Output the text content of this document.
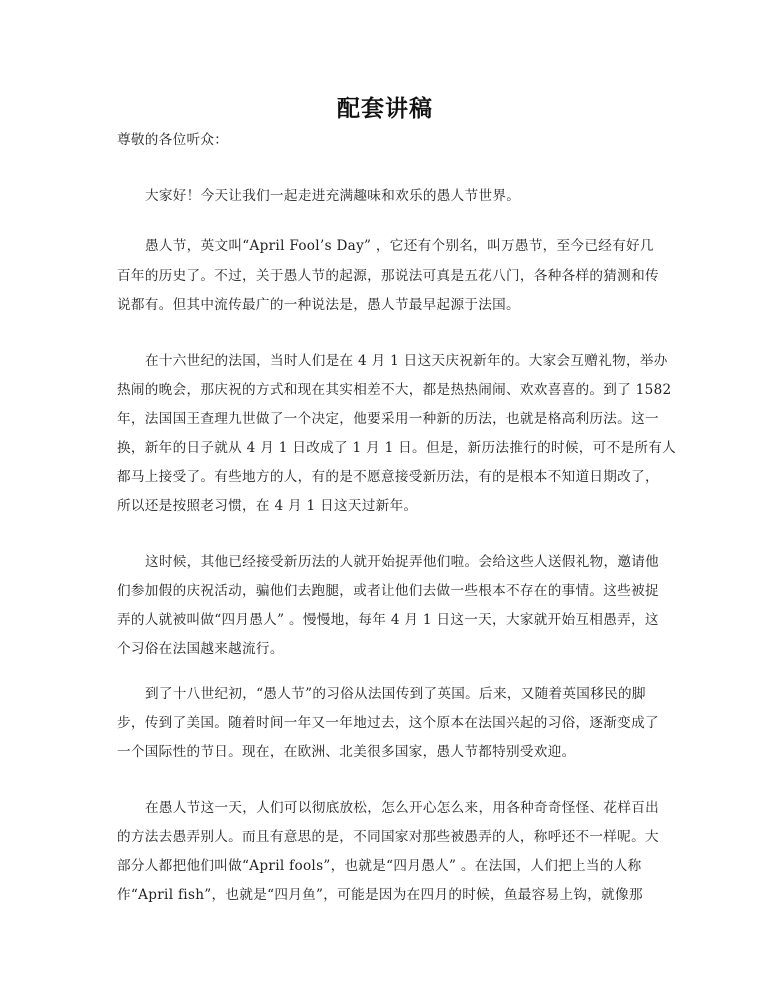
配套讲稿
尊敬的各位听众：
大家好！今天让我们一起走进充满趣味和欢乐的愚人节世界。
愚人节，英文叫“April Fool’s Day” ，它还有个别名，叫万愚节，至今已经有好几
百年的历史了。不过，关于愚人节的起源，那说法可真是五花八门，各种各样的猜测和传
说都有。但其中流传最广的一种说法是，愚人节最早起源于法国。
在十六世纪的法国，当时人们是在 4 月 1 日这天庆祝新年的。大家会互赠礼物，举办
热闹的晚会，那庆祝的方式和现在其实相差不大，都是热热闹闹、欢欢喜喜的。到了 1582
年，法国国王查理九世做了一个决定，他要采用一种新的历法，也就是格高利历法。这一
换，新年的日子就从 4 月 1 日改成了 1 月 1 日。但是，新历法推行的时候，可不是所有人
都马上接受了。有些地方的人，有的是不愿意接受新历法，有的是根本不知道日期改了，
所以还是按照老习惯，在 4 月 1 日这天过新年。
这时候，其他已经接受新历法的人就开始捉弄他们啦。会给这些人送假礼物，邀请他
们参加假的庆祝活动，骗他们去跑腿，或者让他们去做一些根本不存在的事情。这些被捉
弄的人就被叫做“四月愚人” 。慢慢地，每年 4 月 1 日这一天，大家就开始互相愚弄，这
个习俗在法国越来越流行。
到了十八世纪初，“愚人节”的习俗从法国传到了英国。后来，又随着英国移民的脚
步，传到了美国。随着时间一年又一年地过去，这个原本在法国兴起的习俗，逐渐变成了
一个国际性的节日。现在，在欧洲、北美很多国家，愚人节都特别受欢迎。
在愚人节这一天，人们可以彻底放松，怎么开心怎么来，用各种奇奇怪怪、花样百出
的方法去愚弄别人。而且有意思的是，不同国家对那些被愚弄的人，称呼还不一样呢。大
部分人都把他们叫做“April fools”，也就是“四月愚人” 。在法国，人们把上当的人称
作“April fish”，也就是“四月鱼”，可能是因为在四月的时候，鱼最容易上钩，就像那
